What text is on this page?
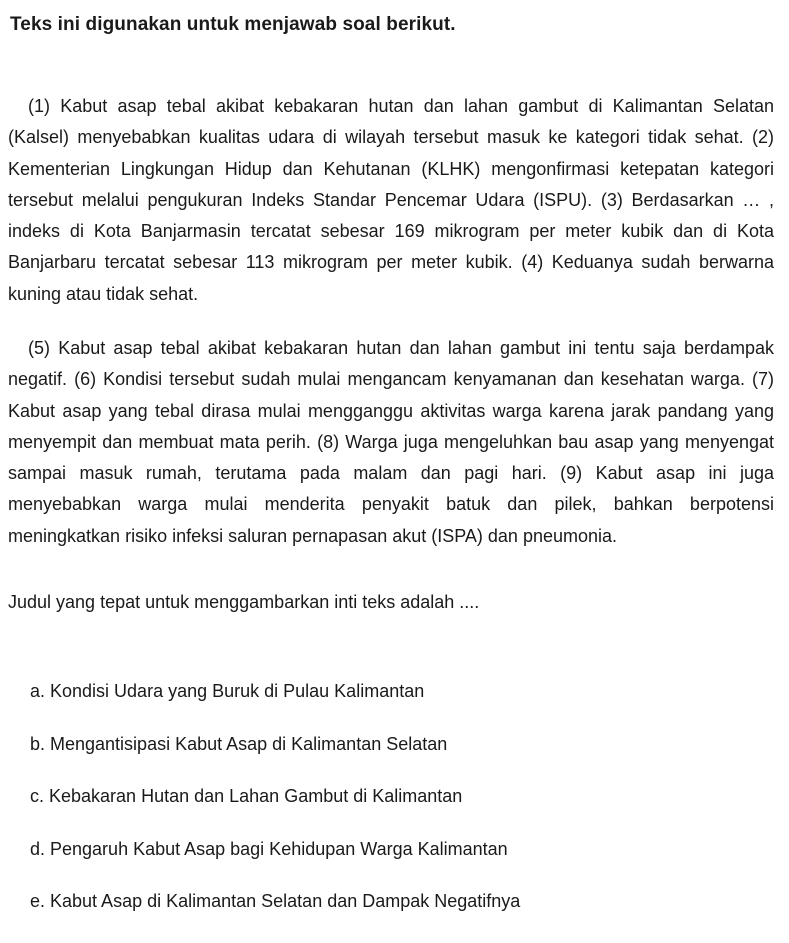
Teks ini digunakan untuk menjawab soal berikut.

(1) Kabut asap tebal akibat kebakaran hutan dan lahan gambut di Kalimantan Selatan (Kalsel) menyebabkan kualitas udara di wilayah tersebut masuk ke kategori tidak sehat. (2) Kementerian Lingkungan Hidup dan Kehutanan (KLHK) mengonfirmasi ketepatan kategori tersebut melalui pengukuran Indeks Standar Pencemar Udara (ISPU). (3) Berdasarkan … , indeks di Kota Banjarmasin tercatat sebesar 169 mikrogram per meter kubik dan di Kota Banjarbaru tercatat sebesar 113 mikrogram per meter kubik. (4) Keduanya sudah berwarna kuning atau tidak sehat.

(5) Kabut asap tebal akibat kebakaran hutan dan lahan gambut ini tentu saja berdampak negatif. (6) Kondisi tersebut sudah mulai mengancam kenyamanan dan kesehatan warga. (7) Kabut asap yang tebal dirasa mulai mengganggu aktivitas warga karena jarak pandang yang menyempit dan membuat mata perih. (8) Warga juga mengeluhkan bau asap yang menyengat sampai masuk rumah, terutama pada malam dan pagi hari. (9) Kabut asap ini juga menyebabkan warga mulai menderita penyakit batuk dan pilek, bahkan berpotensi meningkatkan risiko infeksi saluran pernapasan akut (ISPA) dan pneumonia.

Judul yang tepat untuk menggambarkan inti teks adalah ....
a. Kondisi Udara yang Buruk di Pulau Kalimantan
b. Mengantisipasi Kabut Asap di Kalimantan Selatan
c. Kebakaran Hutan dan Lahan Gambut di Kalimantan
d. Pengaruh Kabut Asap bagi Kehidupan Warga Kalimantan
e. Kabut Asap di Kalimantan Selatan dan Dampak Negatifnya
